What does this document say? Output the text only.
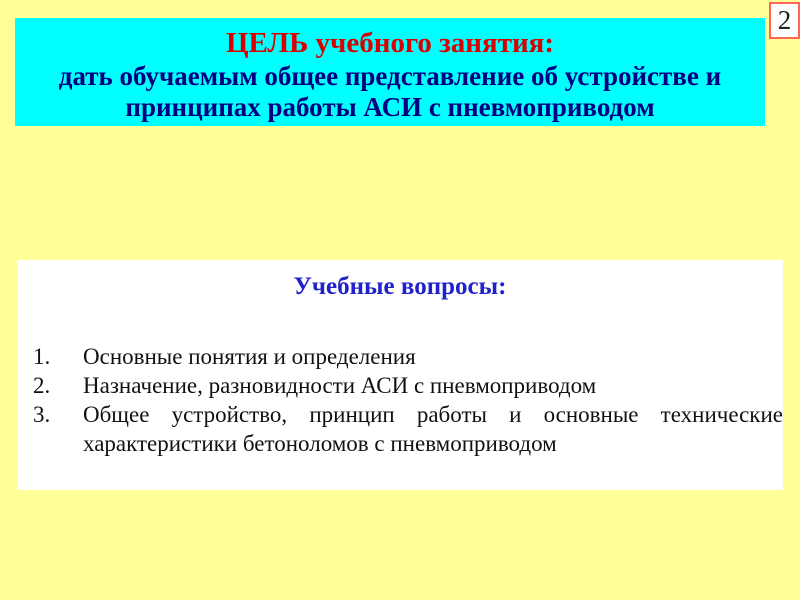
ЦЕЛЬ учебного занятия:
дать обучаемым общее представление об устройстве и
принципах работы АСИ с пневмоприводом
2
Учебные вопросы:
1.	Основные понятия и определения
2.	Назначение, разновидности АСИ с пневмоприводом
3.	Общее устройство, принцип работы и основные технические характеристики бетоноломов с пневмоприводом
